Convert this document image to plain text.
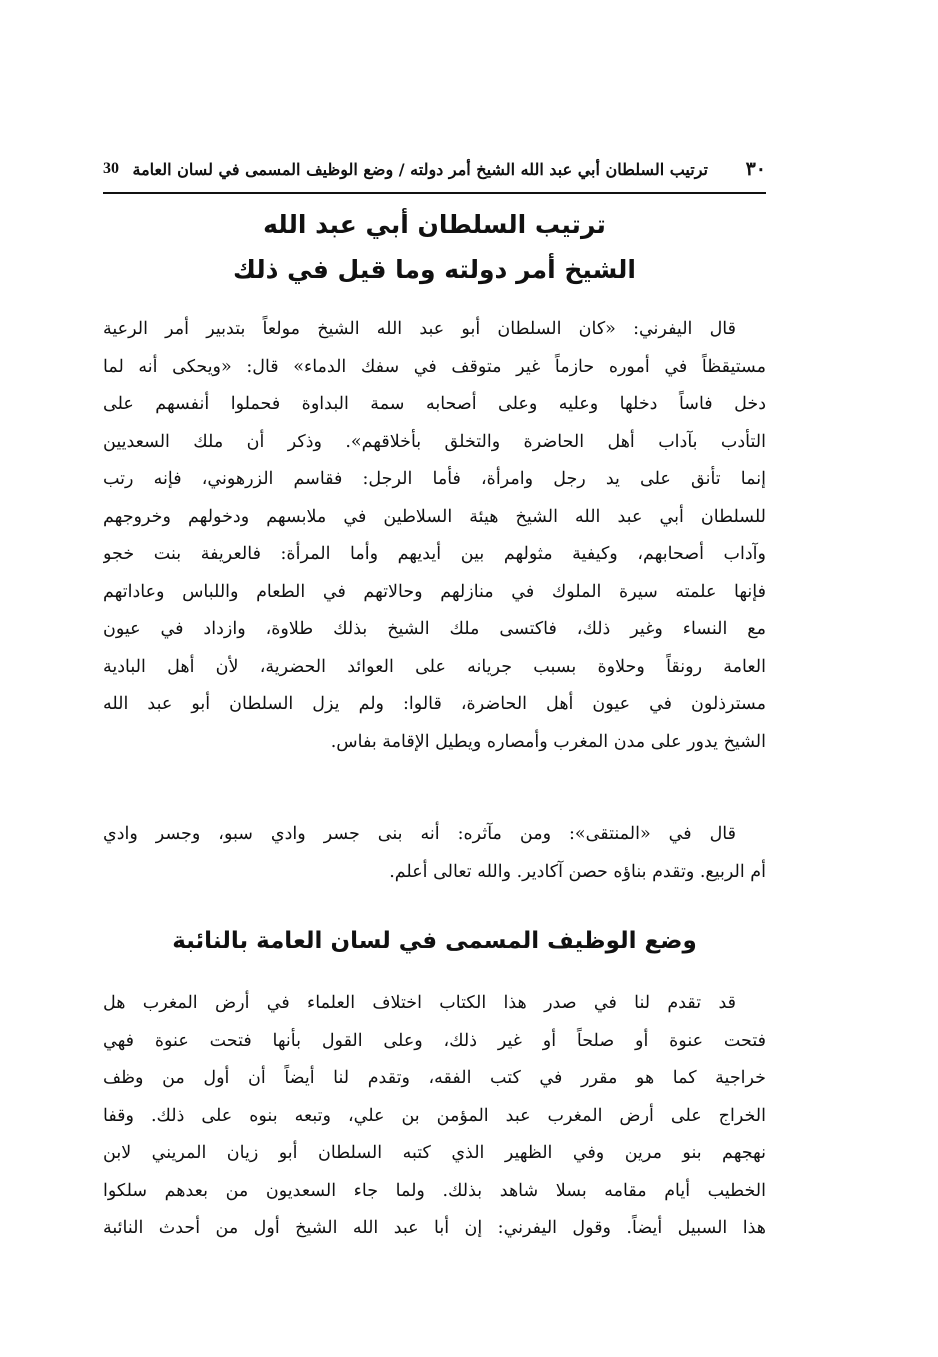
٣٠
ترتيب السلطان أبي عبد الله الشيخ أمر دولته / وضع الوظيف المسمى في لسان العامة
30
ترتيب السلطان أبي عبد الله
الشيخ أمر دولته وما قيل في ذلك
قال اليفرني: «كان السلطان أبو عبد الله الشيخ مولعاً بتدبير أمر الرعية
مستيقظاً في أموره حازماً غير متوقف في سفك الدماء» قال: «ويحكى أنه لما
دخل فاساً دخلها وعليه وعلى أصحابه سمة البداوة فحملوا أنفسهم على
التأدب بآداب أهل الحاضرة والتخلق بأخلاقهم». وذكر أن ملك السعديين
إنما تأنق على يد رجل وامرأة، فأما الرجل: فقاسم الزرهوني، فإنه رتب
للسلطان أبي عبد الله الشيخ هيئة السلاطين في ملابسهم ودخولهم وخروجهم
وآداب أصحابهم، وكيفية مثولهم بين أيديهم وأما المرأة: فالعريفة بنت خجو
فإنها علمته سيرة الملوك في منازلهم وحالاتهم في الطعام واللباس وعاداتهم
مع النساء وغير ذلك، فاكتسى ملك الشيخ بذلك طلاوة، وازداد في عيون
العامة رونقاً وحلاوة بسبب جريانه على العوائد الحضرية، لأن أهل البادية
مسترذلون في عيون أهل الحاضرة، قالوا: ولم يزل السلطان أبو عبد الله
الشيخ يدور على مدن المغرب وأمصاره ويطيل الإقامة بفاس.
قال في «المنتقى»: ومن مآثره: أنه بنى جسر وادي سبو، وجسر وادي
أم الربيع. وتقدم بناؤه حصن آكادير. والله تعالى أعلم.
وضع الوظيف المسمى في لسان العامة بالنائبة
قد تقدم لنا في صدر هذا الكتاب اختلاف العلماء في أرض المغرب هل
فتحت عنوة أو صلحاً أو غير ذلك، وعلى القول بأنها فتحت عنوة فهي
خراجية كما هو مقرر في كتب الفقه، وتقدم لنا أيضاً أن أول من وظف
الخراج على أرض المغرب عبد المؤمن بن علي، وتبعه بنوه على ذلك. وقفا
نهجهم بنو مرين وفي الظهير الذي كتبه السلطان أبو زيان المريني لابن
الخطيب أيام مقامه بسلا شاهد بذلك. ولما جاء السعديون من بعدهم سلكوا
هذا السبيل أيضاً. وقول اليفرني: إن أبا عبد الله الشيخ أول من أحدث النائبة
